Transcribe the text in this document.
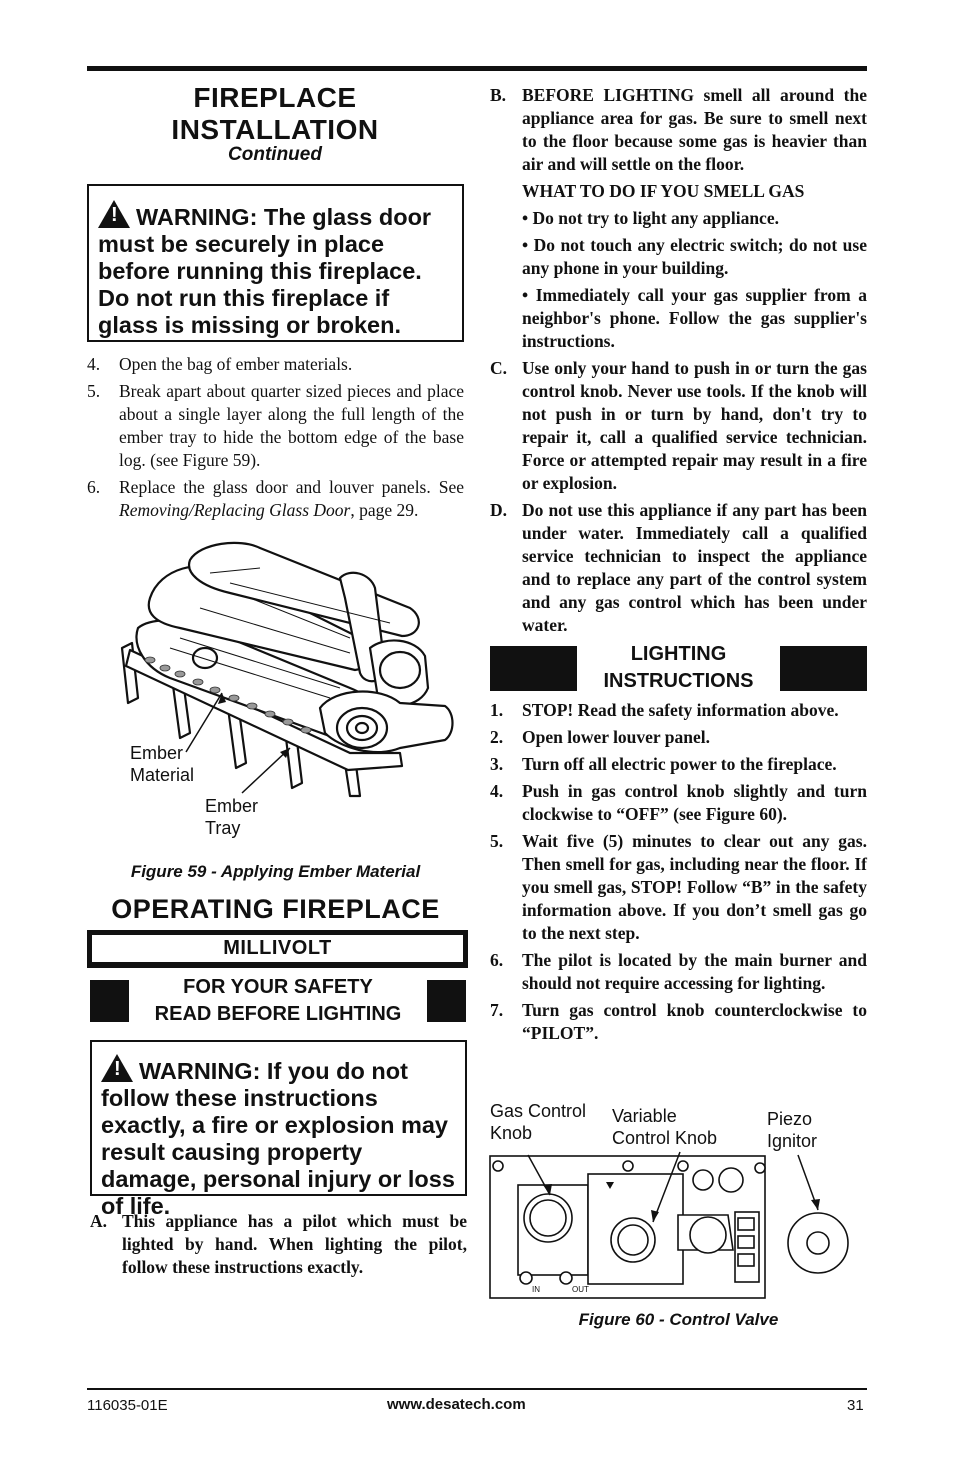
FIREPLACE
INSTALLATION
Continued
! WARNING: The glass door must be securely in place before running this fireplace. Do not run this fireplace if glass is missing or broken.
4.	Open the bag of ember materials.
5.	Break apart about quarter sized pieces and place about a single layer along the full length of the ember tray to hide the bottom edge of the base log. (see Figure 59).
6.	Replace the glass door and louver panels. See Removing/Replacing Glass Door, page 29.
Ember
Material
Ember
Tray
Figure 59 - Applying Ember Material
OPERATING FIREPLACE
MILLIVOLT
FOR YOUR SAFETY
READ BEFORE LIGHTING
! WARNING: If you do not follow these instructions exactly, a fire or explosion may result causing property damage, personal injury or loss of life.
A. This appliance has a pilot which must be lighted by hand. When lighting the pilot, follow these instructions exactly.
B. BEFORE LIGHTING smell all around the appliance area for gas. Be sure to smell next to the floor because some gas is heavier than air and will settle on the floor.
WHAT TO DO IF YOU SMELL GAS
• Do not try to light any appliance.
• Do not touch any electric switch; do not use any phone in your building.
• Immediately call your gas supplier from a neighbor's phone. Follow the gas supplier's instructions.
C. Use only your hand to push in or turn the gas control knob. Never use tools. If the knob will not push in or turn by hand, don't try to repair it, call a qualified service technician. Force or attempted repair may result in a fire or explosion.
D. Do not use this appliance if any part has been under water. Immediately call a qualified service technician to inspect the appliance and to replace any part of the control system and any gas control which has been under water.
LIGHTING
INSTRUCTIONS
1.	STOP! Read the safety information above.
2.	Open lower louver panel.
3.	Turn off all electric power to the fireplace.
4.	Push in gas control knob slightly and turn clockwise to “OFF” (see Figure 60).
5.	Wait five (5) minutes to clear out any gas. Then smell for gas, including near the floor. If you smell gas, STOP! Follow “B” in the safety information above. If you don’t smell gas go to the next step.
6.	The pilot is located by the main burner and should not require accessing for lighting.
7.	Turn gas control knob counterclockwise to “PILOT”.
Gas Control
Knob
Variable
Control Knob
Piezo
Ignitor
IN	OUT
Figure 60 - Control Valve
116035-01E	www.desatech.com	31
